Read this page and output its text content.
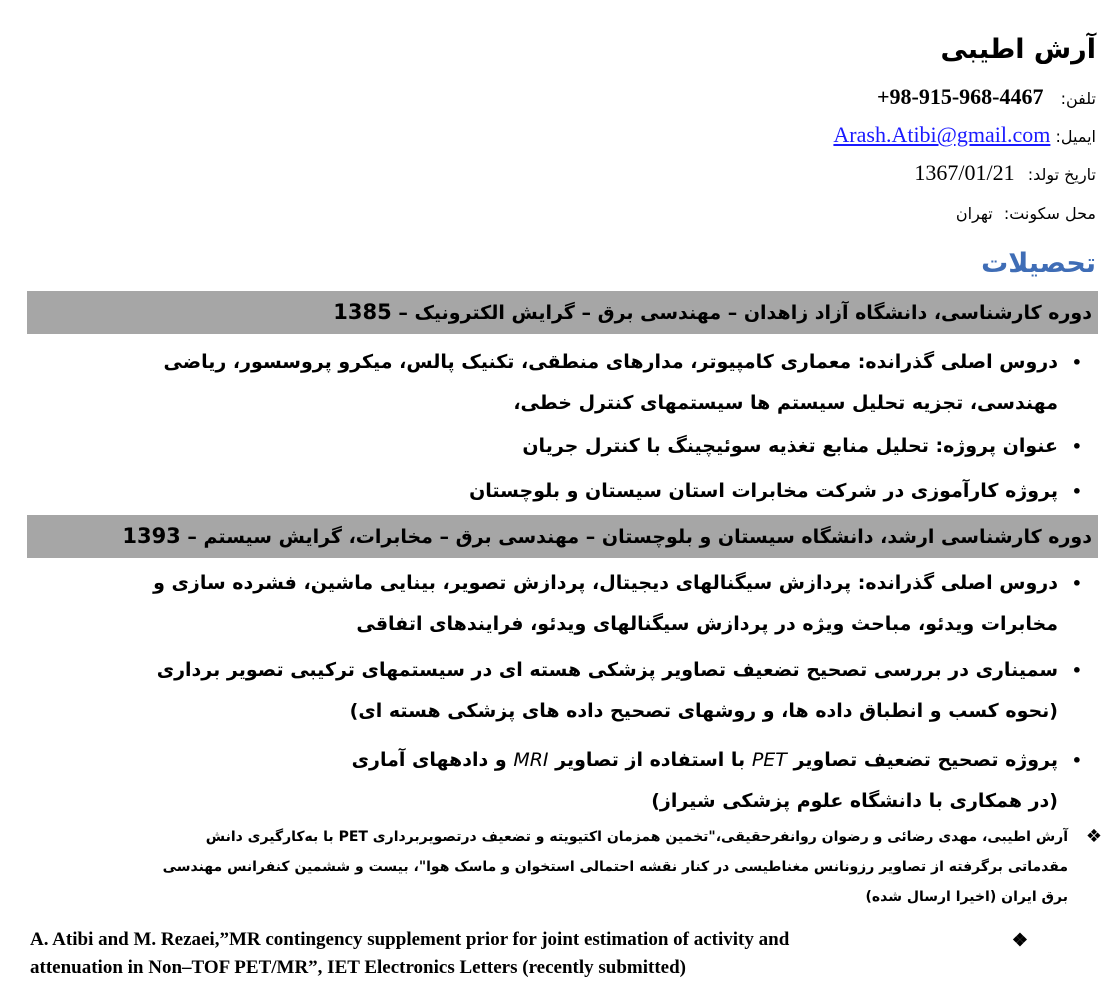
آرش اطیبی
تلفن: +98-915-968-4467
ایمیل: Arash.Atibi@gmail.com
تاریخ تولد: 1367/01/21
محل سکونت: تهران
تحصیلات
دوره کارشناسی، دانشگاه آزاد زاهدان – مهندسی برق – گرایش الکترونیک – 1385
•
دروس اصلی گذرانده: معماری کامپیوتر، مدارهای منطقی، تکنیک پالس، میکرو پروسسور، ریاضی
مهندسی، تجزیه تحلیل سیستم ها سیستمهای کنترل خطی،
•
عنوان پروژه: تحلیل منابع تغذیه سوئیچینگ با کنترل جریان
•
پروژه کارآموزی در شرکت مخابرات استان سیستان و بلوچستان
دوره کارشناسی ارشد، دانشگاه سیستان و بلوچستان – مهندسی برق – مخابرات، گرایش سیستم – 1393
•
دروس اصلی گذرانده: پردازش سیگنالهای دیجیتال، پردازش تصویر، بینایی ماشین، فشرده سازی و
مخابرات ویدئو، مباحث ویژه در پردازش سیگنالهای ویدئو، فرایندهای اتفاقی
•
سمیناری در بررسی تصحیح تضعیف تصاویر پزشکی هسته ای در سیستمهای ترکیبی تصویر برداری
(نحوه کسب و انطباق داده ها، و روشهای تصحیح داده های پزشکی هسته ای)
•
پروژه تصحیح تضعیف تصاویر PET با استفاده از تصاویر MRI و دادههای آماری
(در همکاری با دانشگاه علوم پزشکی شیراز)
❖
آرش اطیبی، مهدی رضائی و رضوان روانفرحقیقی،"تخمین همزمان اکتیویته و تضعیف درتصویربرداری PET با به‌کارگیری دانش
مقدماتی برگرفته از تصاویر رزونانس مغناطیسی در کنار نقشه احتمالی استخوان و ماسک هوا"، بیست و ششمین کنفرانس مهندسی
برق ایران (اخیرا ارسال شده)
❖
A. Atibi and M. Rezaei,”MR contingency supplement prior for joint estimation of activity and
attenuation in Non–TOF PET/MR”, IET Electronics Letters (recently submitted)
